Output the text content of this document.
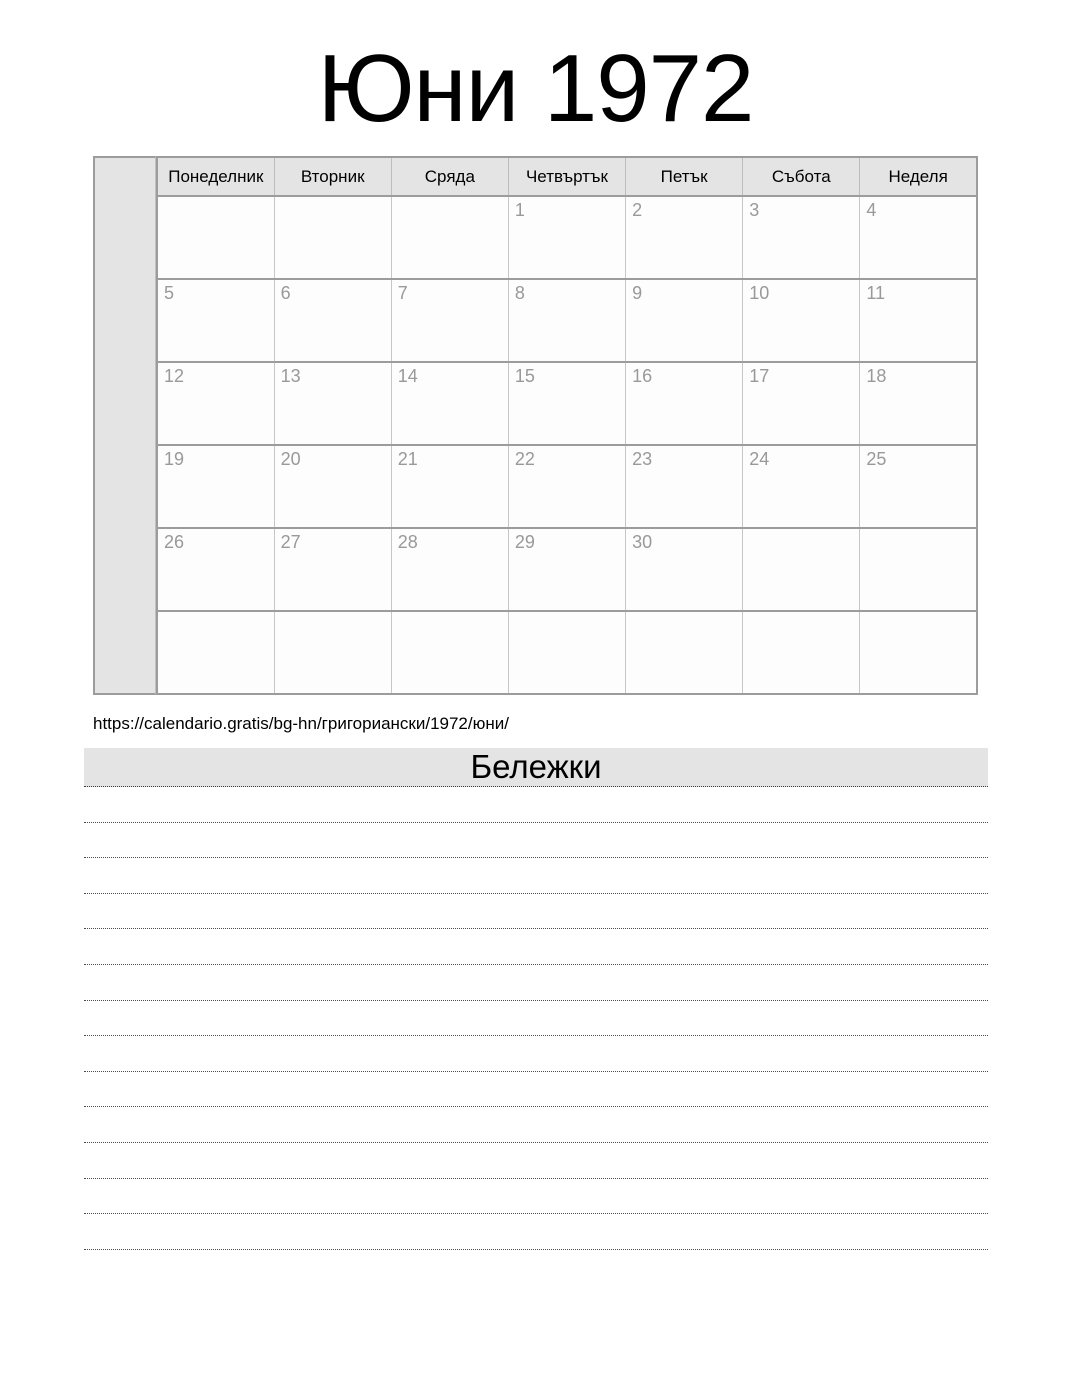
Юни 1972
Понеделник	Вторник	Сряда	Четвъртък	Петък	Събота	Неделя

			1	2	3	4

5	6	7	8	9	10	11

12	13	14	15	16	17	18

19	20	21	22	23	24	25

26	27	28	29	30		

https://calendario.gratis/bg-hn/григориански/1972/юни/
Бележки
